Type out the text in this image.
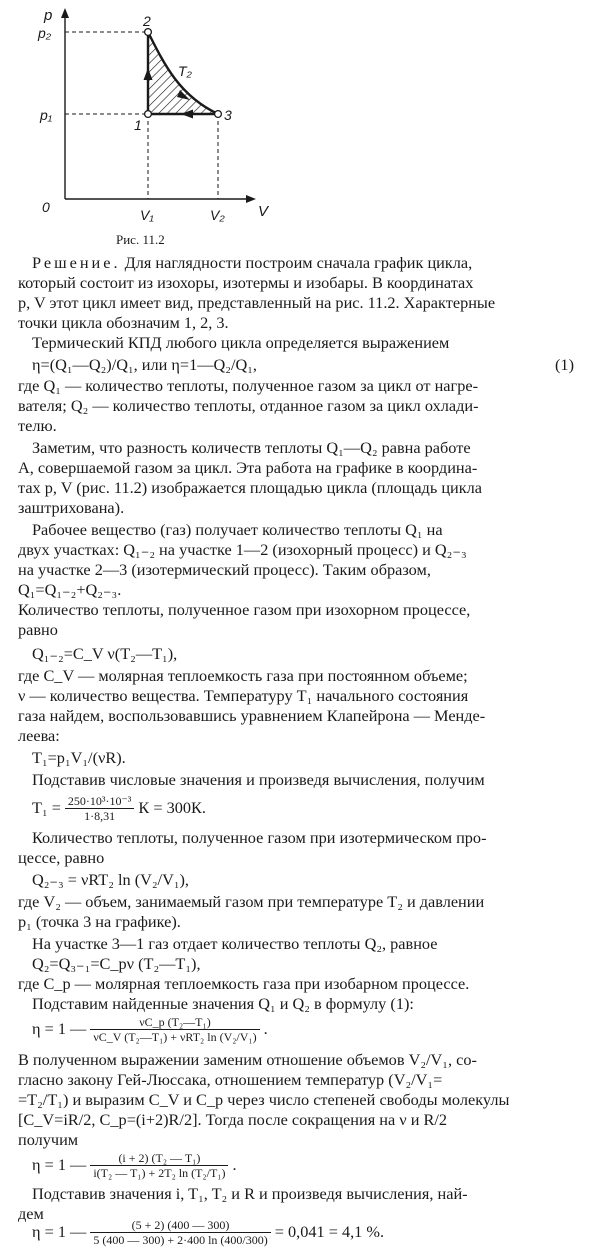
p
V
0
p₂
p₁
V₁	V₂
1
2
3
T₂
Рис. 11.2
Решение. Для наглядности построим сначала график цикла,
который состоит из изохоры, изотермы и изобары. В координатах
p, V этот цикл имеет вид, представленный на рис. 11.2. Характерные
точки цикла обозначим 1, 2, 3.
Термический КПД любого цикла определяется выражением
η=(Q₁—Q₂)/Q₁, или η=1—Q₂/Q₁,	(1)
где Q₁ — количество теплоты, полученное газом за цикл от нагре-
вателя; Q₂ — количество теплоты, отданное газом за цикл охлади-
телю.
Заметим, что разность количеств теплоты Q₁—Q₂ равна работе
A, совершаемой газом за цикл. Эта работа на графике в координа-
тах p, V (рис. 11.2) изображается площадью цикла (площадь цикла
заштрихована).
Рабочее вещество (газ) получает количество теплоты Q₁ на
двух участках: Q₁₋₂ на участке 1—2 (изохорный процесс) и Q₂₋₃
на участке 2—3 (изотермический процесс). Таким образом,
Q₁=Q₁₋₂+Q₂₋₃.
Количество теплоты, полученное газом при изохорном процессе,
равно
Q₁₋₂=C_V ν(T₂—T₁),
где C_V — молярная теплоемкость газа при постоянном объеме;
ν — количество вещества. Температуру T₁ начального состояния
газа найдем, воспользовавшись уравнением Клапейрона — Менде-
леева:
T₁=p₁V₁/(νR).
Подставив числовые значения и произведя вычисления, получим
$T_1 = \frac{\text{250·10³·10⁻³}}{1\cdot 8,31}$ К = 300К.
Количество теплоты, полученное газом при изотермическом про-
цессе, равно
Q₂₋₃ = νRT₂ ln (V₂/V₁),
где V₂ — объем, занимаемый газом при температуре T₂ и давлении
p₁ (точка 3 на графике).
На участке 3—1 газ отдает количество теплоты Q₂, равное
Q₂=Q₃₋₁=C_pν (T₂—T₁),
где C_p — молярная теплоемкость газа при изобарном процессе.
Подставим найденные значения Q₁ и Q₂ в формулу (1):
η = 1 —	νC_p (T₂—T₁)
νC_V (T₂—T₁) + νRT₂ ln (V₂/V₁) .
В полученном выражении заменим отношение объемов V₂/V₁, со-
гласно закону Гей-Люссака, отношением температур (V₂/V₁=
=T₂/T₁) и выразим C_V и C_p через число степеней свободы молекулы
[C_V=iR/2, C_p=(i+2)R/2]. Тогда после сокращения на ν и R/2
получим
η = 1 — $\frac{\text{(i + 2) (T₂ — T₁)}}{\text{i(T₂ — T₁) + 2T₂ ln (T₂/T₁)}}$ .
Подставив значения i, T₁, T₂ и R и произведя вычисления, най-
дем
η = 1 — $\frac{(5 + 2) (400 — 300)}{5 (400 — 300) + 2\cdot 400 \ln (400/300)} = 0,041 = 4,1$ %.
